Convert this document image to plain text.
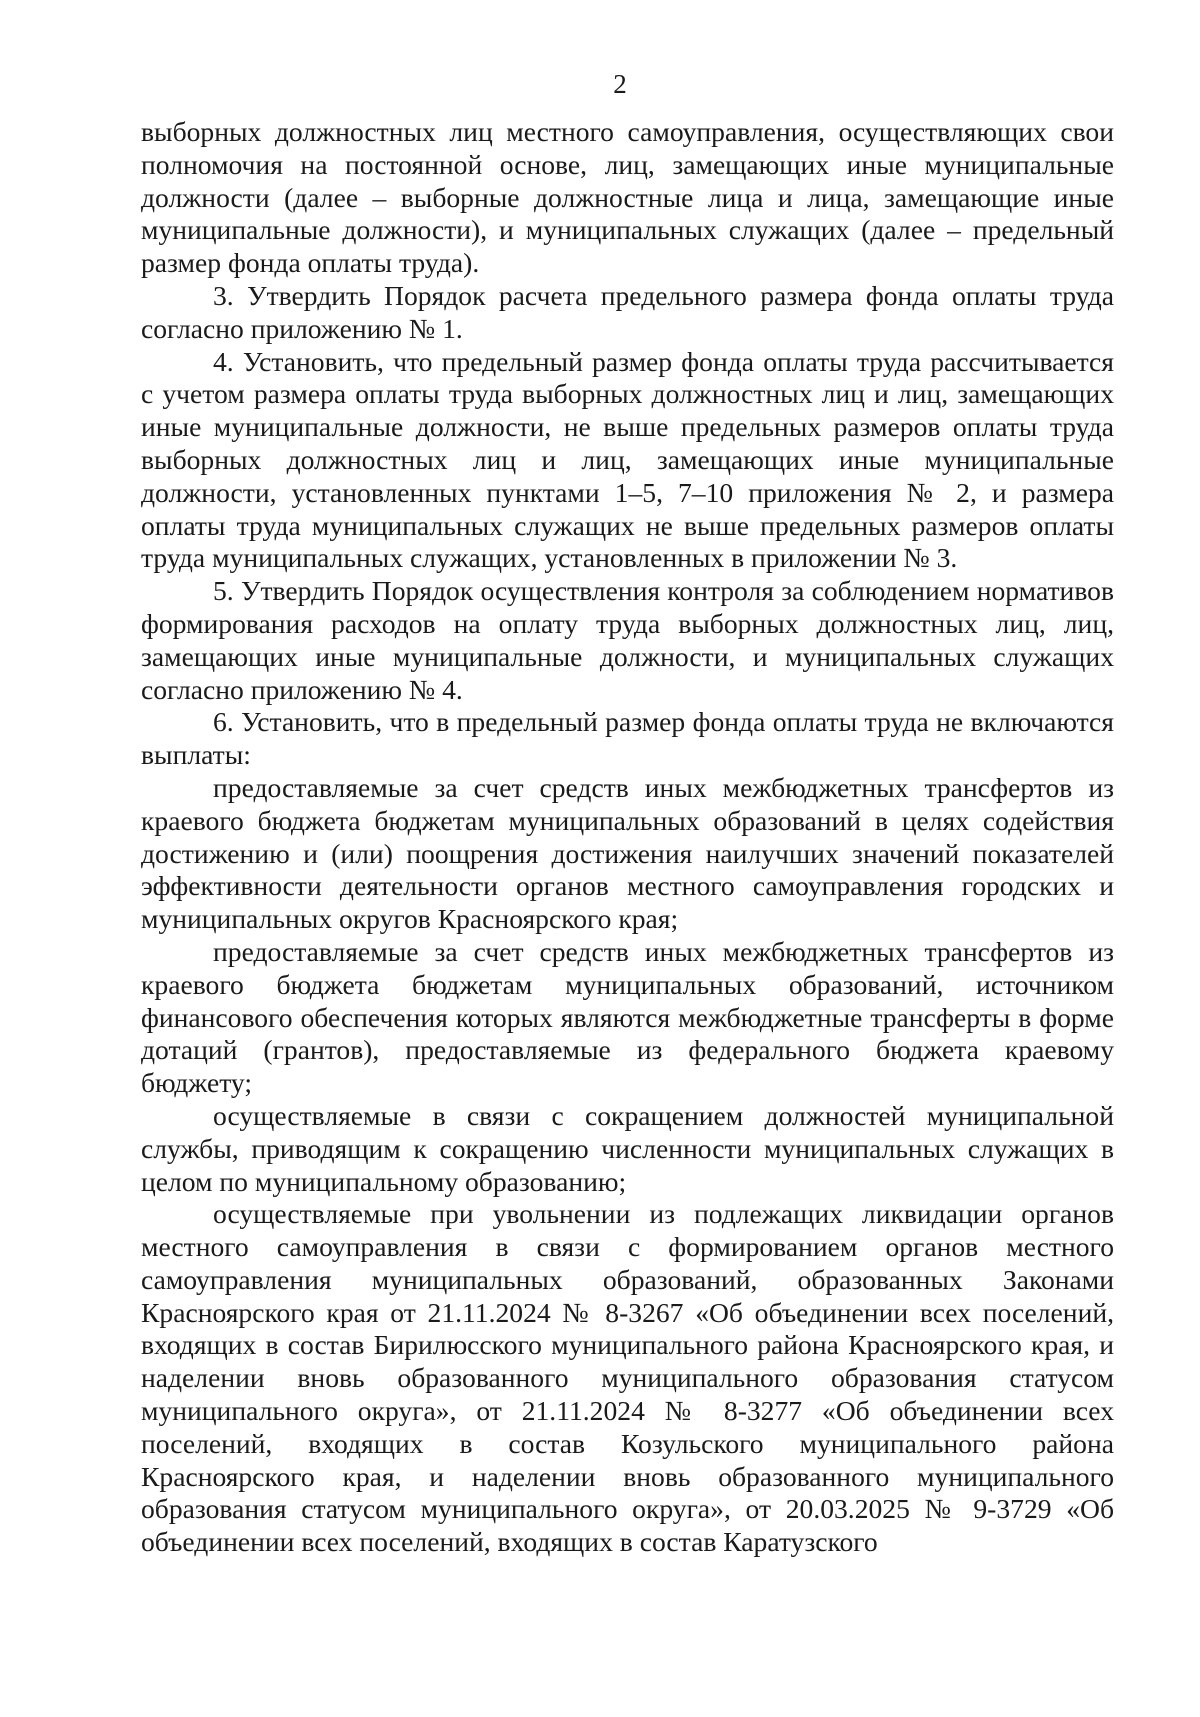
2

выборных должностных лиц местного самоуправления, осуществляющих свои полномочия на постоянной основе, лиц, замещающих иные муниципальные должности (далее – выборные должностные лица и лица, замещающие иные муниципальные должности), и муниципальных служащих (далее – предельный размер фонда оплаты труда).

3. Утвердить Порядок расчета предельного размера фонда оплаты труда согласно приложению № 1.

4. Установить, что предельный размер фонда оплаты труда рассчитывается с учетом размера оплаты труда выборных должностных лиц и лиц, замещающих иные муниципальные должности, не выше предельных размеров оплаты труда выборных должностных лиц и лиц, замещающих иные муниципальные должности, установленных пунктами 1–5, 7–10 приложения № 2, и размера оплаты труда муниципальных служащих не выше предельных размеров оплаты труда муниципальных служащих, установленных в приложении № 3.

5. Утвердить Порядок осуществления контроля за соблюдением нормативов формирования расходов на оплату труда выборных должностных лиц, лиц, замещающих иные муниципальные должности, и муниципальных служащих согласно приложению № 4.

6. Установить, что в предельный размер фонда оплаты труда не включаются выплаты:

предоставляемые за счет средств иных межбюджетных трансфертов из краевого бюджета бюджетам муниципальных образований в целях содействия достижению и (или) поощрения достижения наилучших значений показателей эффективности деятельности органов местного самоуправления городских и муниципальных округов Красноярского края;

предоставляемые за счет средств иных межбюджетных трансфертов из краевого бюджета бюджетам муниципальных образований, источником финансового обеспечения которых являются межбюджетные трансферты в форме дотаций (грантов), предоставляемые из федерального бюджета краевому бюджету;

осуществляемые в связи с сокращением должностей муниципальной службы, приводящим к сокращению численности муниципальных служащих в целом по муниципальному образованию;

осуществляемые при увольнении из подлежащих ликвидации органов местного самоуправления в связи с формированием органов местного самоуправления муниципальных образований, образованных Законами Красноярского края от 21.11.2024 № 8-3267 «Об объединении всех поселений, входящих в состав Бирилюсского муниципального района Красноярского края, и наделении вновь образованного муниципального образования статусом муниципального округа», от 21.11.2024 № 8-3277 «Об объединении всех поселений, входящих в состав Козульского муниципального района Красноярского края, и наделении вновь образованного муниципального образования статусом муниципального округа», от 20.03.2025 № 9-3729 «Об объединении всех поселений, входящих в состав Каратузского
